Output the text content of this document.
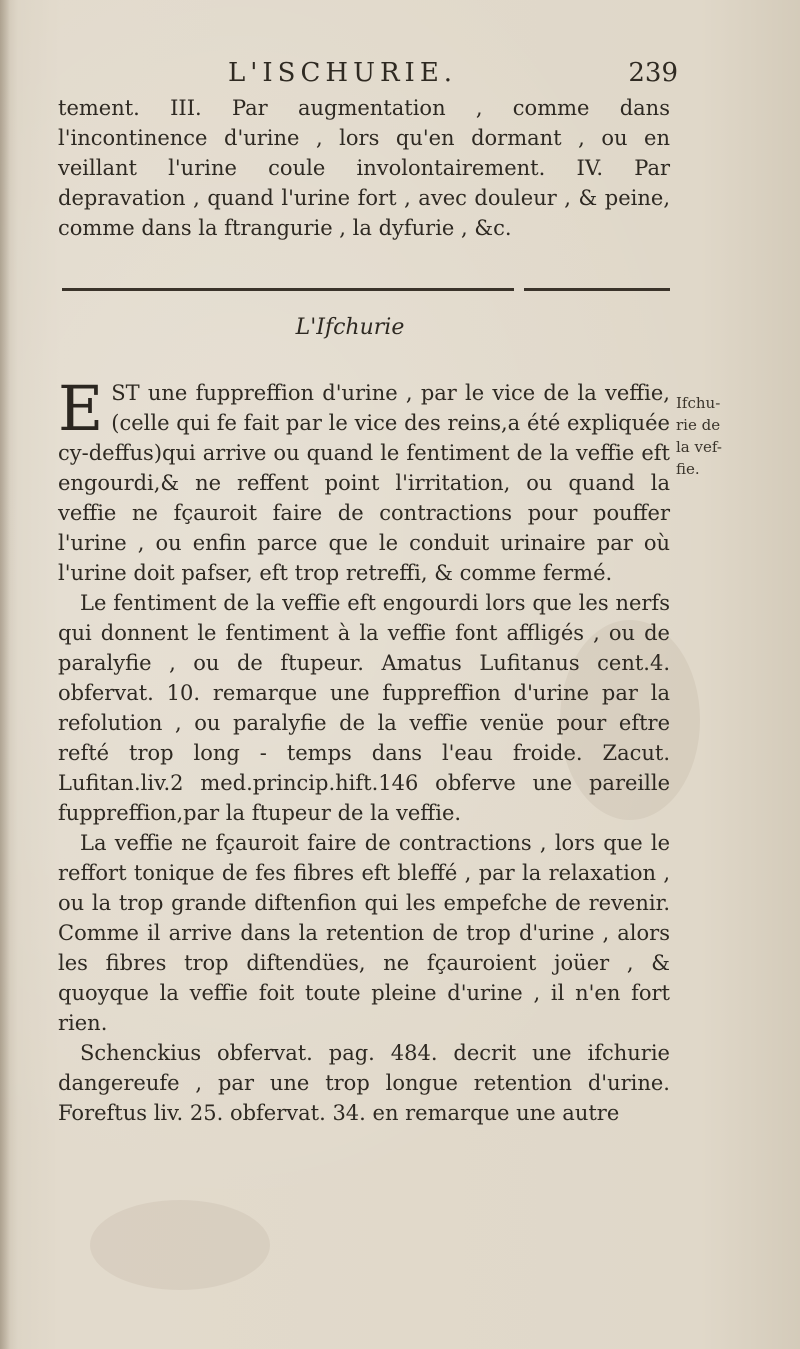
L'ISCHURIE.	239
tement. III. Par augmentation , comme dans l'incontinence d'urine , lors qu'en dormant , ou en veillant l'urine coule involontairement. IV. Par depravation , quand l'urine fort , avec douleur , & peine, comme dans la ftrangurie , la dyfurie , &c.
L'Ifchurie
Ifchu-
rie de
la vef-
fie.

EST une fuppreffion d'urine , par le vice de la veffie,(celle qui fe fait par le vice des reins,a été expliquée cy-deffus)qui arrive ou quand le fentiment de la veffie eft engourdi,& ne reffent point l'irritation, ou quand la veffie ne fçauroit faire de contractions pour pouffer l'urine , ou enfin parce que le conduit urinaire par où l'urine doit pafser, eft trop retreffi, & comme fermé.

Le fentiment de la veffie eft engourdi lors que les nerfs qui donnent le fentiment à la veffie font affligés , ou de paralyfie , ou de ftupeur. Amatus Lufitanus cent.4. obfervat. 10. remarque une fuppreffion d'urine par la refolution , ou paralyfie de la veffie venüe pour eftre refté trop long - temps dans l'eau froide. Zacut. Lufitan.liv.2 med.princip.hift.146 obferve une pareille fuppreffion,par la ftupeur de la veffie.

La veffie ne fçauroit faire de contractions , lors que le reffort tonique de fes fibres eft bleffé , par la relaxation , ou la trop grande diftenfion qui les empefche de revenir. Comme il arrive dans la retention de trop d'urine , alors les fibres trop diftendües, ne fçauroient joüer , & quoyque la veffie foit toute pleine d'urine , il n'en fort rien.

Schenckius obfervat. pag. 484. decrit une ifchurie dangereufe , par une trop longue retention d'urine. Foreftus liv. 25. obfervat. 34. en remarque une autre
